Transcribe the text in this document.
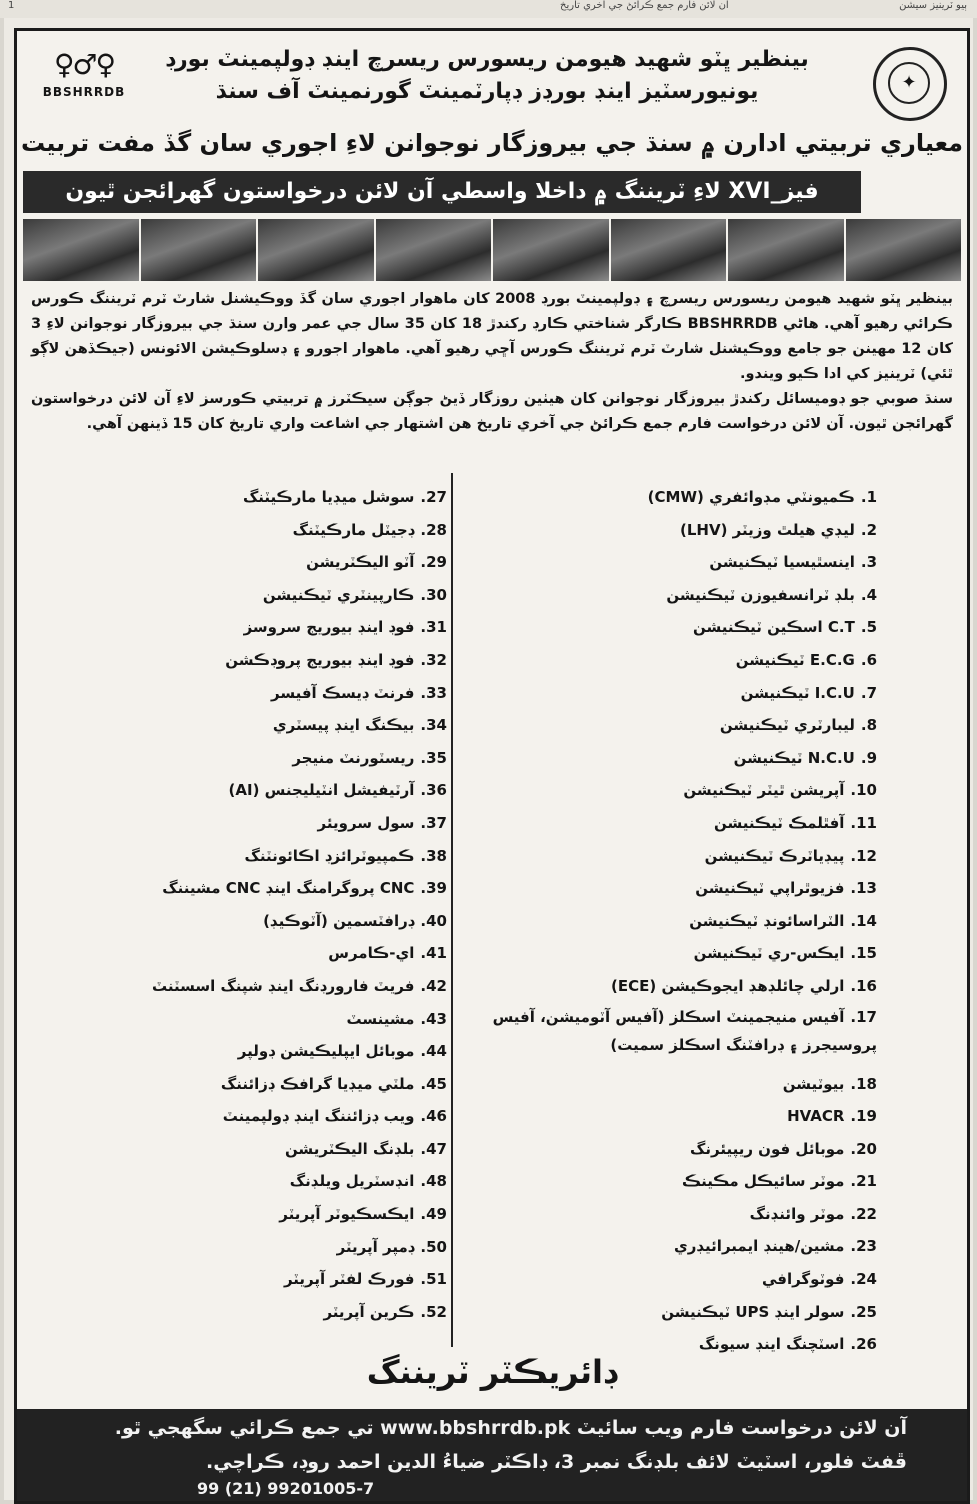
1	آن لائن فارم جمع ڪرائڻ جي آخري تاريخ	ٻيو ٽرينيز سيشن
♀♂♀
BBSHRRDB	✦
بينظير ڀٽو شهيد هيومن ريسورس ريسرچ اينڊ ڊولپمينٽ بورڊ
يونيورسٽيز اينڊ بورڊز ڊپارٽمينٽ گورنمينٽ آف سنڌ
معياري تربيتي ادارن ۾ سنڌ جي بيروزگار نوجوانن لاءِ اجوري سان گڏ مفت تربيت
فيز_XVI لاءِ ٽريننگ ۾ داخلا واسطي آن لائن درخواستون گهرائجن ٿيون

بينظير ڀٽو شهيد هيومن ريسورس ريسرچ ۽ ڊولپمينٽ بورڊ 2008 کان ماهوار اجوري سان گڏ ووڪيشنل شارٽ ٽرم ٽريننگ ڪورس ڪرائي رهيو آهي. هاڻي BBSHRRDB ڪارگر شناختي ڪارڊ رکندڙ 18 کان 35 سال جي عمر وارن سنڌ جي بيروزگار نوجوانن لاءِ 3 کان 12 مهينن جو جامع ووڪيشنل شارٽ ٽرم ٽريننگ ڪورس آڇي رهيو آهي. ماهوار اجورو ۽ ڊسلوڪيشن الائونس (جيڪڏهن لاڳو ٿئي) ٽرينيز کي ادا ڪيو ويندو.

سنڌ صوبي جو ڊوميسائل رکندڙ بيروزگار نوجوانن کان هيٺين روزگار ڏيڻ جوڳن سيڪٽرز ۾ تربيتي ڪورسز لاءِ آن لائن درخواستون گهرائجن ٿيون. آن لائن درخواست فارم جمع ڪرائڻ جي آخري تاريخ هن اشتهار جي اشاعت واري تاريخ کان 15 ڏينهن آهي.

1.ڪميونٽي مڊوائفري (CMW)
2.ليڊي هيلٿ وزيٽر (LHV)
3.اينسٿيسيا ٽيڪنيشن
4.بلڊ ٽرانسفيوزن ٽيڪنيشن
5.C.T اسڪين ٽيڪنيشن
6.E.C.G ٽيڪنيشن
7.I.C.U ٽيڪنيشن
8.ليبارٽري ٽيڪنيشن
9.N.C.U ٽيڪنيشن
10.آپريشن ٿيٽر ٽيڪنيشن
11.آفٿلمڪ ٽيڪنيشن
12.پيڊياٽرڪ ٽيڪنيشن
13.فزيوٿراپي ٽيڪنيشن
14.الٽراسائونڊ ٽيڪنيشن
15.ايڪس-ري ٽيڪنيشن
16.ارلي چائلڊهڊ ايجوڪيشن (ECE)
17.آفيس منيجمينٽ اسڪلز (آفيس آٽوميشن، آفيس پروسيجرز ۽ ڊرافٽنگ اسڪلز سميت)
18.بيوٽيشن
19.HVACR
20.موبائل فون ريپيئرنگ
21.موٽر سائيڪل مڪينڪ
22.موٽر وائنڊنگ
23.مشين/هينڊ ايمبرائيڊري
24.فوٽوگرافي
25.سولر اينڊ UPS ٽيڪنيشن
26.اسٽچنگ اينڊ سيونگ
27.سوشل ميڊيا مارڪيٽنگ
28.ڊجيٽل مارڪيٽنگ
29.آٽو اليڪٽريشن
30.ڪارپينٽري ٽيڪنيشن
31.فوڊ اينڊ بيوريج سروسز
32.فوڊ اينڊ بيوريج پروڊڪشن
33.فرنٽ ڊيسڪ آفيسر
34.بيڪنگ اينڊ پيسٽري
35.ريسٽورنٽ منيجر
36.آرٽيفيشل انٽيليجنس (AI)
37.سول سرويئر
38.ڪمپيوٽرائزڊ اڪائونٽنگ
39.CNC پروگرامنگ اينڊ CNC مشيننگ
40.ڊرافٽسمين (آٽوڪيڊ)
41.اي-ڪامرس
42.فريٽ فارورڊنگ اينڊ شپنگ اسسٽنٽ
43.مشينسٽ
44.موبائل ايپليڪيشن ڊولپر
45.ملٽي ميڊيا گرافڪ ڊزائننگ
46.ويب ڊزائننگ اينڊ ڊولپمينٽ
47.بلڊنگ اليڪٽريشن
48.انڊسٽريل ويلڊنگ
49.ايڪسڪيوٽر آپريٽر
50.ڊمپر آپريٽر
51.فورڪ لفٽر آپريٽر
52.ڪرين آپريٽر
ڊائريڪٽر ٽريننگ
آن لائن درخواست فارم ويب سائيٽ www.bbshrrdb.pk تي جمع ڪرائي سگهجي ٿو.
ڦفٽ فلور، اسٽيٽ لائف بلڊنگ نمبر 3، ڊاڪٽر ضياءُ الدين احمد روڊ، ڪراچي.
99 (21) 99201005-7
